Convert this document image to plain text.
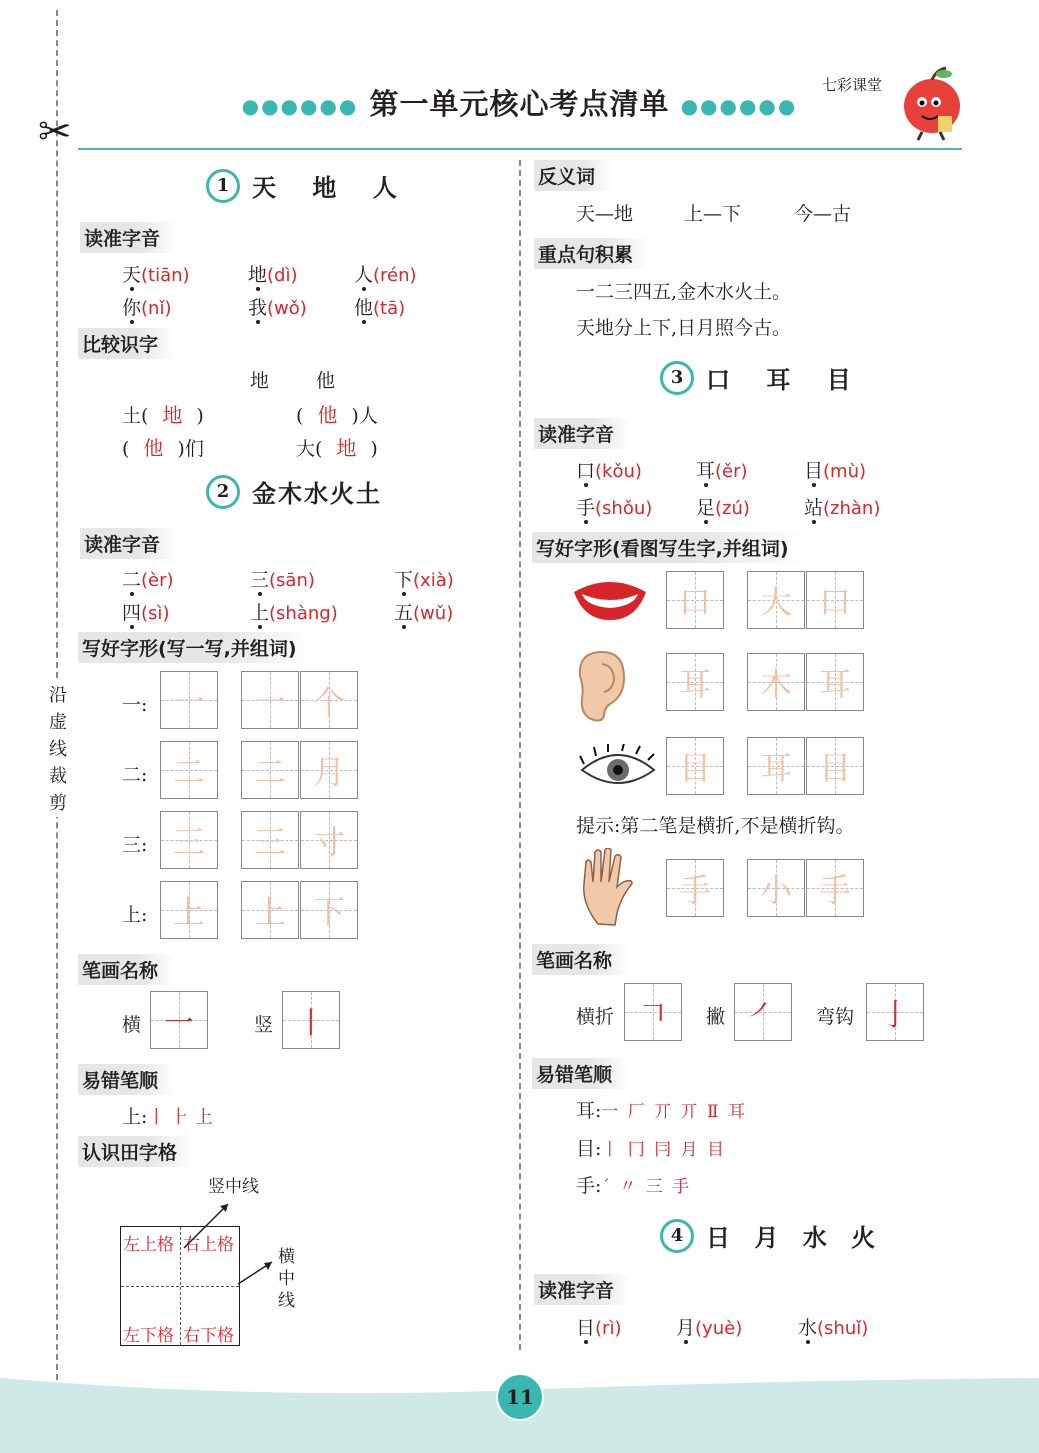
✂
沿虚线裁剪
●●●●●● 第一单元核心考点清单 ●●●●●●
七彩课堂
1 天 地 人
读准字音
天(tiān)	地(dì)	人(rén)
你(nǐ)	我(wǒ) 他(tā)
比较识字
地 他
土( 地 )	( 他 )人
( 他 )们	大( 地 )
2 金木水火土
读准字音
二(èr)	三(sān)	下(xià)
四(sì)	上(shàng)	五(wǔ)
写好字形(写一写,并组词)
一: 一 一 个
二: 二 二 月
三: 三 三 寸
上: 上 上 下
笔画名称
横 一	竖 丨
易错笔顺
上:丨 ⺊ 上
认识田字格
竖中线
横中线
左上格 右上格
左下格 右下格
反义词
天—地	上—下	今—古
重点句积累
一二三四五,金木水火土。
天地分上下,日月照今古。
3 口 耳 目
读准字音
口(kǒu)	耳(ěr)	目(mù)
手(shǒu) 足(zú)	站(zhàn)
写好字形(看图写生字,并组词)
口 大 口
耳 木 耳
目 耳 目
提示:第二笔是横折,不是横折钩。
手 小 手
笔画名称
横折 𠃍 撇 ㇒ 弯钩 亅
易错笔顺
耳:一 厂 丌 丌 Ⅱ 耳
目:丨 冂 冃 月 目
手:ˊ 〃 三 手
4 日 月 水 火
读准字音
日(rì)	月(yuè)	水(shuǐ)
11
